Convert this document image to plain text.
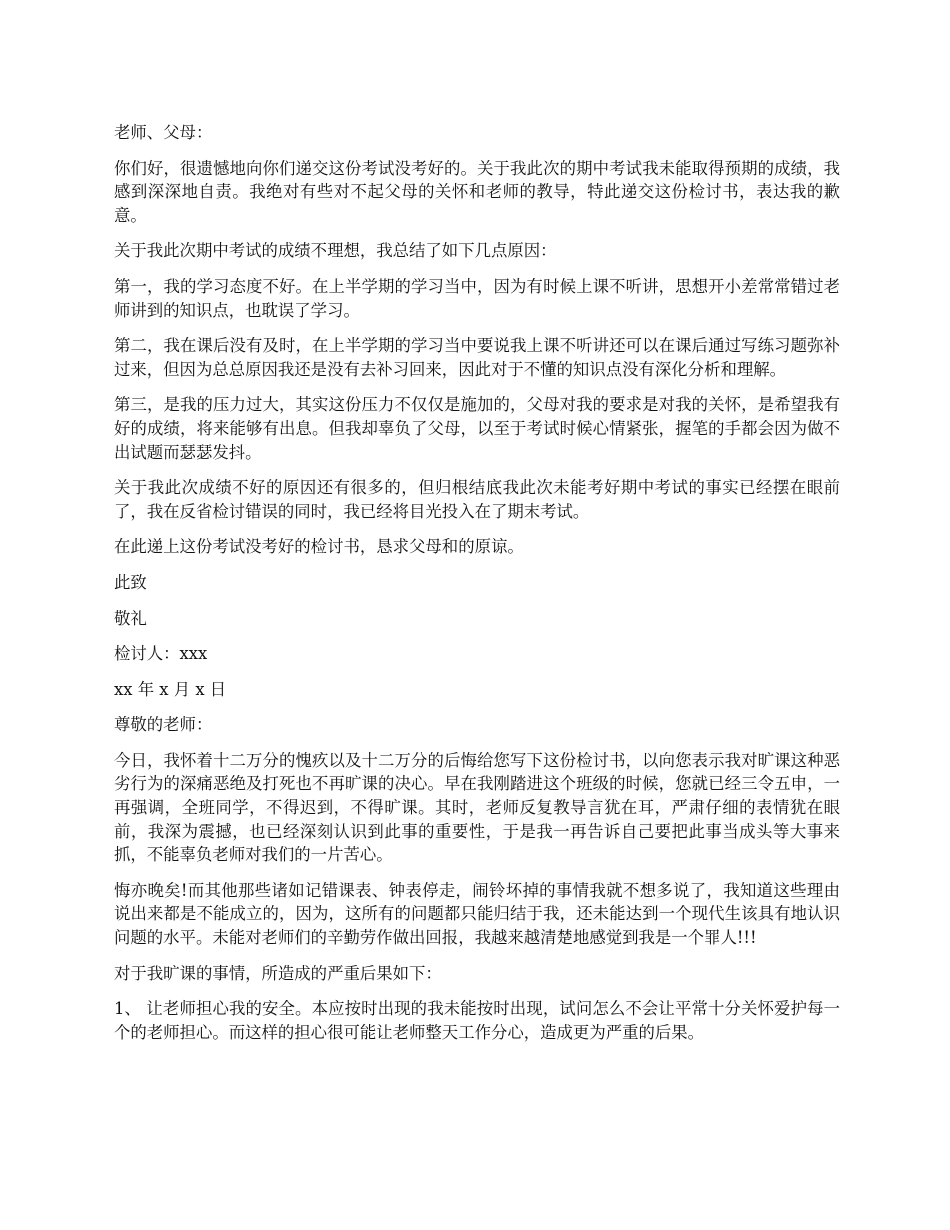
老师、父母：

你们好，很遗憾地向你们递交这份考试没考好的。关于我此次的期中考试我未能取得预期的成绩，我感到深深地自责。我绝对有些对不起父母的关怀和老师的教导，特此递交这份检讨书，表达我的歉意。

关于我此次期中考试的成绩不理想，我总结了如下几点原因：

第一，我的学习态度不好。在上半学期的学习当中，因为有时候上课不听讲，思想开小差常常错过老师讲到的知识点，也耽误了学习。

第二，我在课后没有及时，在上半学期的学习当中要说我上课不听讲还可以在课后通过写练习题弥补过来，但因为总总原因我还是没有去补习回来，因此对于不懂的知识点没有深化分析和理解。

第三，是我的压力过大，其实这份压力不仅仅是施加的，父母对我的要求是对我的关怀，是希望我有好的成绩，将来能够有出息。但我却辜负了父母，以至于考试时候心情紧张，握笔的手都会因为做不出试题而瑟瑟发抖。

关于我此次成绩不好的原因还有很多的，但归根结底我此次未能考好期中考试的事实已经摆在眼前了，我在反省检讨错误的同时，我已经将目光投入在了期末考试。

在此递上这份考试没考好的检讨书，恳求父母和的原谅。

此致

敬礼

检讨人：xxx

xx 年 x 月 x 日

尊敬的老师：

今日，我怀着十二万分的愧疚以及十二万分的后悔给您写下这份检讨书，以向您表示我对旷课这种恶劣行为的深痛恶绝及打死也不再旷课的决心。早在我刚踏进这个班级的时候，您就已经三令五申，一再强调，全班同学，不得迟到，不得旷课。其时，老师反复教导言犹在耳，严肃仔细的表情犹在眼前，我深为震撼，也已经深刻认识到此事的重要性，于是我一再告诉自己要把此事当成头等大事来抓，不能辜负老师对我们的一片苦心。

悔亦晚矣!而其他那些诸如记错课表、钟表停走，闹铃坏掉的事情我就不想多说了，我知道这些理由说出来都是不能成立的，因为，这所有的问题都只能归结于我，还未能达到一个现代生该具有地认识问题的水平。未能对老师们的辛勤劳作做出回报，我越来越清楚地感觉到我是一个罪人!!!

对于我旷课的事情，所造成的严重后果如下：

1、 让老师担心我的安全。本应按时出现的我未能按时出现，试问怎么不会让平常十分关怀爱护每一个的老师担心。而这样的担心很可能让老师整天工作分心，造成更为严重的后果。
